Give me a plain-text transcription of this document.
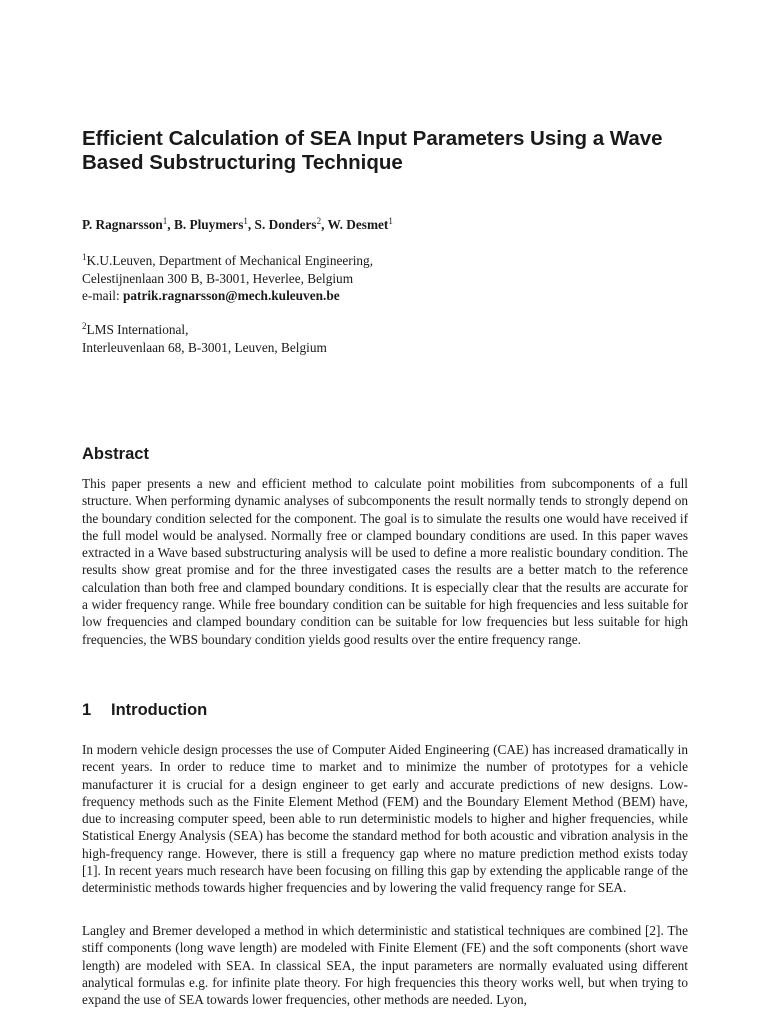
Efficient Calculation of SEA Input Parameters Using a Wave Based Substructuring Technique
P. Ragnarsson$^1$, B. Pluymers$^1$, S. Donders$^2$, W. Desmet$^1$
$^1$K.U.Leuven, Department of Mechanical Engineering,
Celestijnenlaan 300 B, B-3001, Heverlee, Belgium
e-mail: patrik.ragnarsson@mech.kuleuven.be
$^2$LMS International,
Interleuvenlaan 68, B-3001, Leuven, Belgium
Abstract

This paper presents a new and efficient method to calculate point mobilities from subcomponents of a full structure. When performing dynamic analyses of subcomponents the result normally tends to strongly depend on the boundary condition selected for the component. The goal is to simulate the results one would have received if the full model would be analysed. Normally free or clamped boundary conditions are used. In this paper waves extracted in a Wave based substructuring analysis will be used to define a more realistic boundary condition. The results show great promise and for the three investigated cases the results are a better match to the reference calculation than both free and clamped boundary conditions. It is especially clear that the results are accurate for a wider frequency range. While free boundary condition can be suitable for high frequencies and less suitable for low frequencies and clamped boundary condition can be suitable for low frequencies but less suitable for high frequencies, the WBS boundary condition yields good results over the entire frequency range.

1 Introduction

In modern vehicle design processes the use of Computer Aided Engineering (CAE) has increased dramatically in recent years. In order to reduce time to market and to minimize the number of prototypes for a vehicle manufacturer it is crucial for a design engineer to get early and accurate predictions of new designs. Low-frequency methods such as the Finite Element Method (FEM) and the Boundary Element Method (BEM) have, due to increasing computer speed, been able to run deterministic models to higher and higher frequencies, while Statistical Energy Analysis (SEA) has become the standard method for both acoustic and vibration analysis in the high-frequency range. However, there is still a frequency gap where no mature prediction method exists today [1]. In recent years much research have been focusing on filling this gap by extending the applicable range of the deterministic methods towards higher frequencies and by lowering the valid frequency range for SEA.

Langley and Bremer developed a method in which deterministic and statistical techniques are combined [2]. The stiff components (long wave length) are modeled with Finite Element (FE) and the soft components (short wave length) are modeled with SEA. In classical SEA, the input parameters are normally evaluated using different analytical formulas e.g. for infinite plate theory. For high frequencies this theory works well, but when trying to expand the use of SEA towards lower frequencies, other methods are needed. Lyon,
